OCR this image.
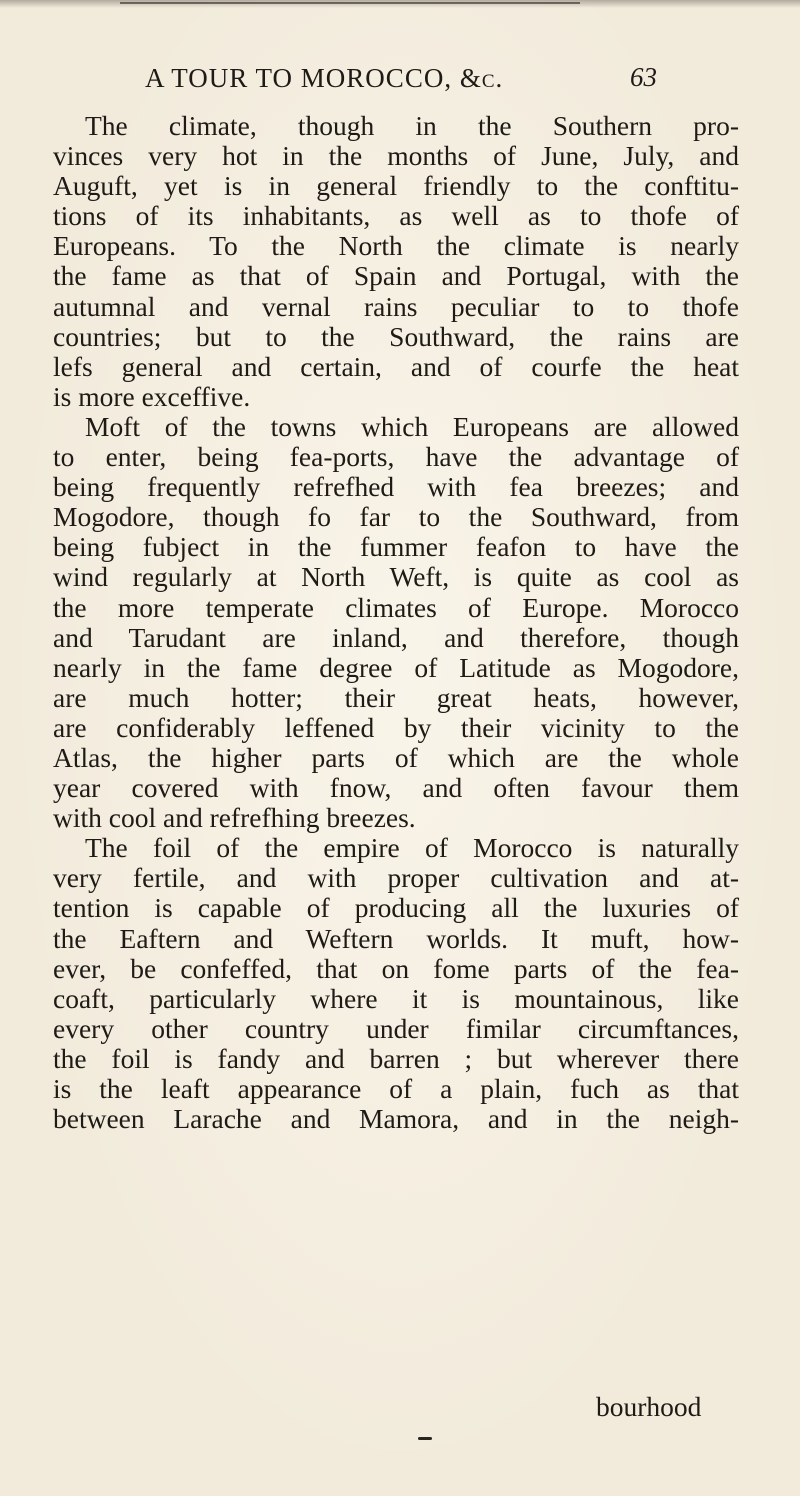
A TOUR TO MOROCCO, &c.	63
The climate, though in the Southern pro-
vinces very hot in the months of June, July, and
Auguft, yet is in general friendly to the conftitu-
tions of its inhabitants, as well as to thofe of
Europeans. To the North the climate is nearly
the fame as that of Spain and Portugal, with the
autumnal and vernal rains peculiar to to thofe
countries; but to the Southward, the rains are
lefs general and certain, and of courfe the heat
is more exceffive.
Moft of the towns which Europeans are allowed
to enter, being fea-ports, have the advantage of
being frequently refrefhed with fea breezes; and
Mogodore, though fo far to the Southward, from
being fubject in the fummer feafon to have the
wind regularly at North Weft, is quite as cool as
the more temperate climates of Europe. Morocco
and Tarudant are inland, and therefore, though
nearly in the fame degree of Latitude as Mogodore,
are much hotter; their great heats, however,
are confiderably leffened by their vicinity to the
Atlas, the higher parts of which are the whole
year covered with fnow, and often favour them
with cool and refrefhing breezes.
The foil of the empire of Morocco is naturally
very fertile, and with proper cultivation and at-
tention is capable of producing all the luxuries of
the Eaftern and Weftern worlds. It muft, how-
ever, be confeffed, that on fome parts of the fea-
coaft, particularly where it is mountainous, like
every other country under fimilar circumftances,
the foil is fandy and barren ; but wherever there
is the leaft appearance of a plain, fuch as that
between Larache and Mamora, and in the neigh-
bourhood
